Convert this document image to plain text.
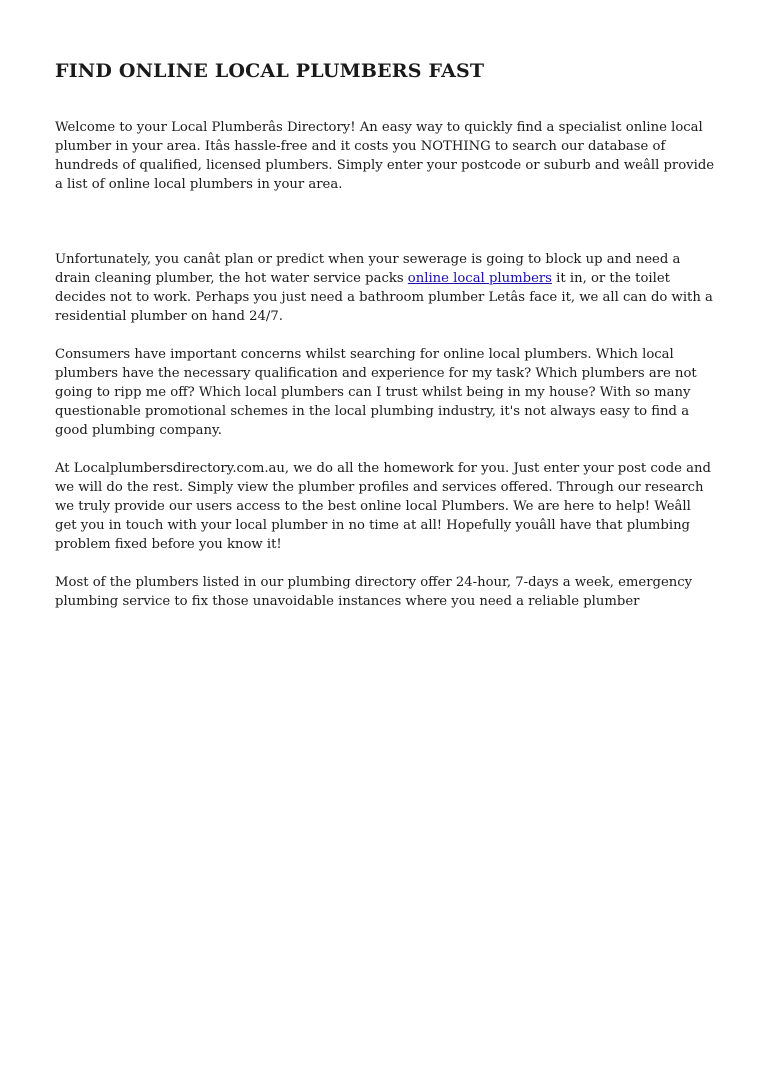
FIND ONLINE LOCAL PLUMBERS FAST

Welcome to your Local Plumberâs Directory! An easy way to quickly find a specialist online local plumber in your area. Itâs hassle-free and it costs you NOTHING to search our database of hundreds of qualified, licensed plumbers. Simply enter your postcode or suburb and weâll provide a list of online local plumbers in your area.

Unfortunately, you canât plan or predict when your sewerage is going to block up and need a drain cleaning plumber, the hot water service packs online local plumbers it in, or the toilet decides not to work. Perhaps you just need a bathroom plumber Letâs face it, we all can do with a residential plumber on hand 24/7.

Consumers have important concerns whilst searching for online local plumbers. Which local plumbers have the necessary qualification and experience for my task? Which plumbers are not going to ripp me off? Which local plumbers can I trust whilst being in my house? With so many questionable promotional schemes in the local plumbing industry, it's not always easy to find a good plumbing company.

At Localplumbersdirectory.com.au, we do all the homework for you. Just enter your post code and we will do the rest. Simply view the plumber profiles and services offered. Through our research we truly provide our users access to the best online local Plumbers. We are here to help! Weâll get you in touch with your local plumber in no time at all! Hopefully youâll have that plumbing problem fixed before you know it!

Most of the plumbers listed in our plumbing directory offer 24-hour, 7-days a week, emergency plumbing service to fix those unavoidable instances where you need a reliable plumber
